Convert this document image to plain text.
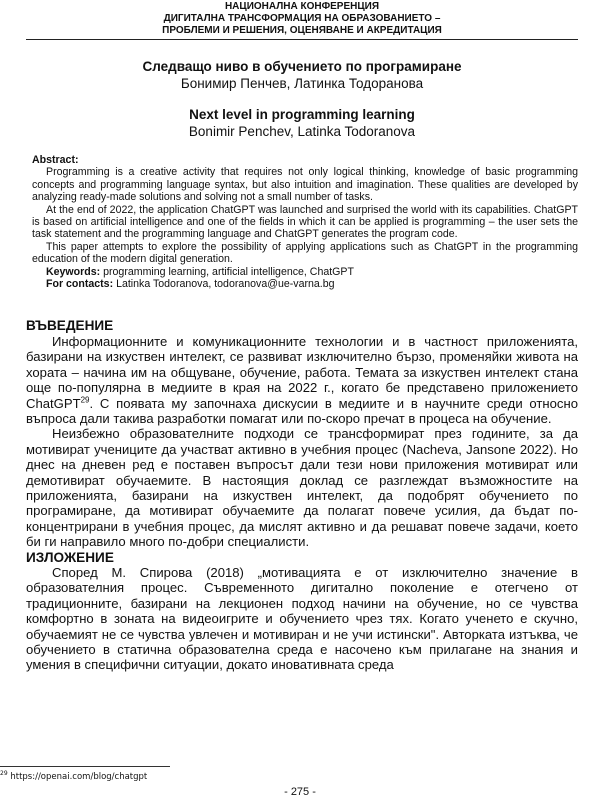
НАЦИОНАЛНА КОНФЕРЕНЦИЯ
ДИГИТАЛНА ТРАНСФОРМАЦИЯ НА ОБРАЗОВАНИЕТО –
ПРОБЛЕМИ И РЕШЕНИЯ, ОЦЕНЯВАНЕ И АКРЕДИТАЦИЯ
Следващо ниво в обучението по програмиране
Бонимир Пенчев, Латинка Тодоранова
Next level in programming learning
Bonimir Penchev, Latinka Todoranova
Abstract:

Programming is a creative activity that requires not only logical thinking, knowledge of basic programming concepts and programming language syntax, but also intuition and imagination. These qualities are developed by analyzing ready-made solutions and solving not a small number of tasks.

At the end of 2022, the application ChatGPT was launched and surprised the world with its capabilities. ChatGPT is based on artificial intelligence and one of the fields in which it can be applied is programming – the user sets the task statement and the programming language and ChatGPT generates the program code.

This paper attempts to explore the possibility of applying applications such as ChatGPT in the programming education of the modern digital generation.

Keywords: programming learning, artificial intelligence, ChatGPT

For contacts: Latinka Todoranova, todoranova@ue-varna.bg

ВЪВЕДЕНИЕ

Информационните и комуникационните технологии и в частност приложенията, базирани на изкуствен интелект, се развиват изключително бързо, променяйки живота на хората – начина им на общуване, обучение, работа. Темата за изкуствен интелект стана още по-популярна в медиите в края на 2022 г., когато бе представено приложението ChatGPT$^{29}$. С появата му започнаха дискусии в медиите и в научните среди относно въпроса дали такива разработки помагат или по-скоро пречат в процеса на обучение.

Неизбежно образователните подходи се трансформират през годините, за да мотивират учениците да участват активно в учебния процес (Nacheva, Jansone 2022). Но днес на дневен ред е поставен въпросът дали тези нови приложения мотивират или демотивират обучаемите. В настоящия доклад се разглеждат възможностите на приложенията, базирани на изкуствен интелект, да подобрят обучението по програмиране, да мотивират обучаемите да полагат повече усилия, да бъдат по-концентрирани в учебния процес, да мислят активно и да решават повече задачи, което би ги направило много по-добри специалисти.

ИЗЛОЖЕНИЕ

Според М. Спирова (2018) „мотивацията е от изключително значение в образователния процес. Съвременното дигитално поколение е отегчено от традиционните, базирани на лекционен подход начини на обучение, но се чувства комфортно в зоната на видеоигрите и обучението чрез тях. Когато ученето е скучно, обучаемият не се чувства увлечен и мотивиран и не учи истински". Авторката изтъква, че обучението в статична образователна среда е насочено към прилагане на знания и умения в специфични ситуации, докато иновативната среда

$^{29}$ https://openai.com/blog/chatgpt
- 275 -
